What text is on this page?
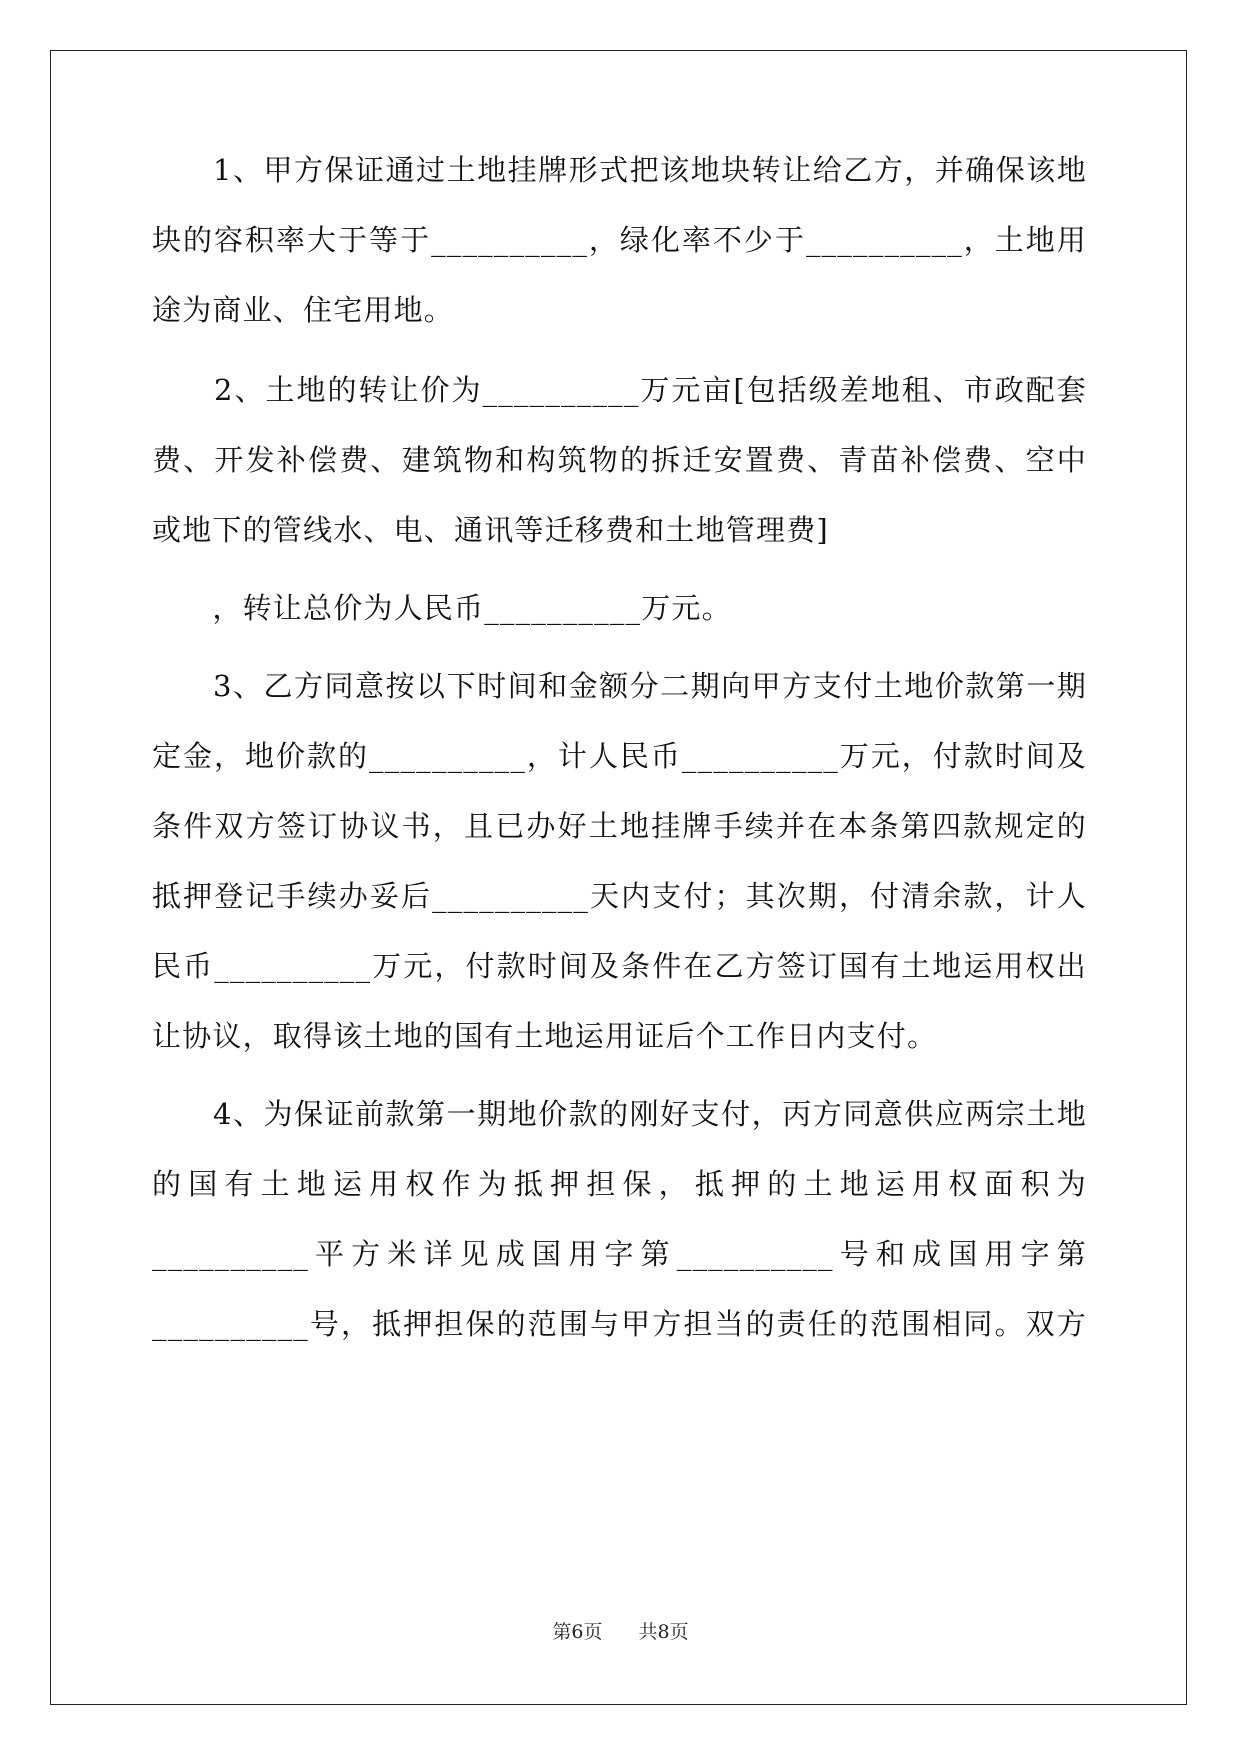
　　1、甲方保证通过土地挂牌形式把该地块转让给乙方，并确保该地
块的容积率大于等于__________，绿化率不少于__________，土地用
途为商业、住宅用地。
　　2、土地的转让价为__________万元亩[包括级差地租、市政配套
费、开发补偿费、建筑物和构筑物的拆迁安置费、青苗补偿费、空中
或地下的管线水、电、通讯等迁移费和土地管理费]
　　，转让总价为人民币__________万元。
　　3、乙方同意按以下时间和金额分二期向甲方支付土地价款第一期
定金，地价款的__________，计人民币__________万元，付款时间及
条件双方签订协议书，且已办好土地挂牌手续并在本条第四款规定的
抵押登记手续办妥后__________天内支付；其次期，付清余款，计人
民币__________万元，付款时间及条件在乙方签订国有土地运用权出
让协议，取得该土地的国有土地运用证后个工作日内支付。
　　4、为保证前款第一期地价款的刚好支付，丙方同意供应两宗土地
的国有土地运用权作为抵押担保，抵押的土地运用权面积为
__________平方米详见成国用字第__________号和成国用字第
__________号，抵押担保的范围与甲方担当的责任的范围相同。双方
第6页 共8页
